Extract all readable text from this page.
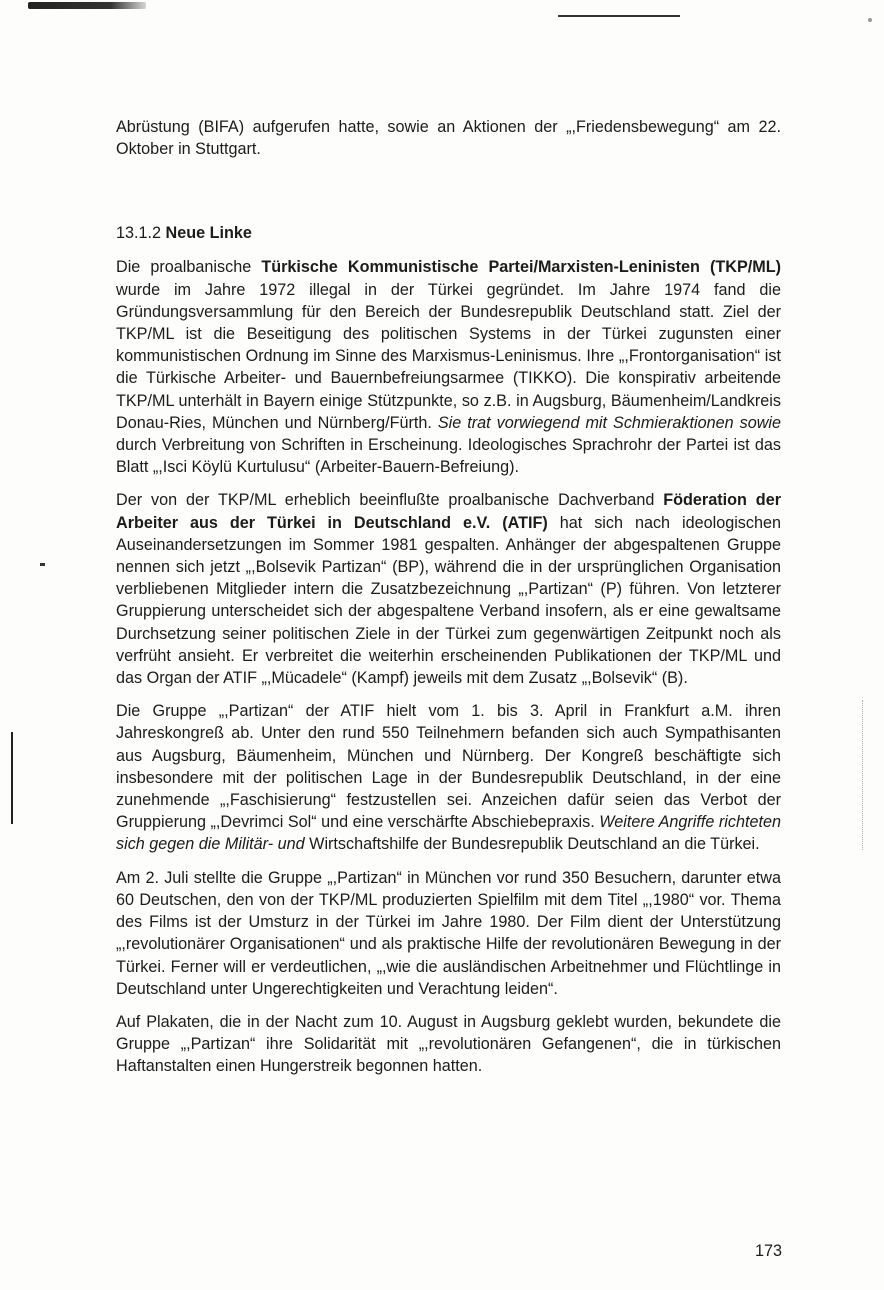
Abrüstung (BIFA) aufgerufen hatte, sowie an Aktionen der „,Friedensbewegung“ am 22. Oktober in Stuttgart.

13.1.2 Neue Linke

Die proalbanische Türkische Kommunistische Partei/Marxisten-Leninisten (TKP/ML) wurde im Jahre 1972 illegal in der Türkei gegründet. Im Jahre 1974 fand die Gründungsversammlung für den Bereich der Bundesrepublik Deutschland statt. Ziel der TKP/ML ist die Beseitigung des politischen Systems in der Türkei zugunsten einer kommunistischen Ordnung im Sinne des Marxismus-Leninismus. Ihre „,Frontorganisation“ ist die Türkische Arbeiter- und Bauernbefreiungsarmee (TIKKO). Die konspirativ arbeitende TKP/ML unterhält in Bayern einige Stützpunkte, so z.B. in Augsburg, Bäumenheim/Landkreis Donau-Ries, München und Nürnberg/Fürth. Sie trat vorwiegend mit Schmieraktionen sowie durch Verbreitung von Schriften in Erscheinung. Ideologisches Sprachrohr der Partei ist das Blatt „,Isci Köylü Kurtulusu“ (Arbeiter-Bauern-Befreiung).

Der von der TKP/ML erheblich beeinflußte proalbanische Dachverband Föderation der Arbeiter aus der Türkei in Deutschland e.V. (ATIF) hat sich nach ideologischen Auseinandersetzungen im Sommer 1981 gespalten. Anhänger der abgespaltenen Gruppe nennen sich jetzt „,Bolsevik Partizan“ (BP), während die in der ursprünglichen Organisation verbliebenen Mitglieder intern die Zusatzbezeichnung „,Partizan“ (P) führen. Von letzterer Gruppierung unterscheidet sich der abgespaltene Verband insofern, als er eine gewaltsame Durchsetzung seiner politischen Ziele in der Türkei zum gegenwärtigen Zeitpunkt noch als verfrüht ansieht. Er verbreitet die weiterhin erscheinenden Publikationen der TKP/ML und das Organ der ATIF „,Mücadele“ (Kampf) jeweils mit dem Zusatz „,Bolsevik“ (B).

Die Gruppe „,Partizan“ der ATIF hielt vom 1. bis 3. April in Frankfurt a.M. ihren Jahreskongreß ab. Unter den rund 550 Teilnehmern befanden sich auch Sympathisanten aus Augsburg, Bäumenheim, München und Nürnberg. Der Kongreß beschäftigte sich insbesondere mit der politischen Lage in der Bundesrepublik Deutschland, in der eine zunehmende „,Faschisierung“ festzustellen sei. Anzeichen dafür seien das Verbot der Gruppierung „,Devrimci Sol“ und eine verschärfte Abschiebepraxis. Weitere Angriffe richteten sich gegen die Militär- und Wirtschaftshilfe der Bundesrepublik Deutschland an die Türkei.

Am 2. Juli stellte die Gruppe „,Partizan“ in München vor rund 350 Besuchern, darunter etwa 60 Deutschen, den von der TKP/ML produzierten Spielfilm mit dem Titel „,1980“ vor. Thema des Films ist der Umsturz in der Türkei im Jahre 1980. Der Film dient der Unterstützung „,revolutionärer Organisationen“ und als praktische Hilfe der revolutionären Bewegung in der Türkei. Ferner will er verdeutlichen, „,wie die ausländischen Arbeitnehmer und Flüchtlinge in Deutschland unter Ungerechtigkeiten und Verachtung leiden“.

Auf Plakaten, die in der Nacht zum 10. August in Augsburg geklebt wurden, bekundete die Gruppe „,Partizan“ ihre Solidarität mit „,revolutionären Gefangenen“, die in türkischen Haftanstalten einen Hungerstreik begonnen hatten.

173
